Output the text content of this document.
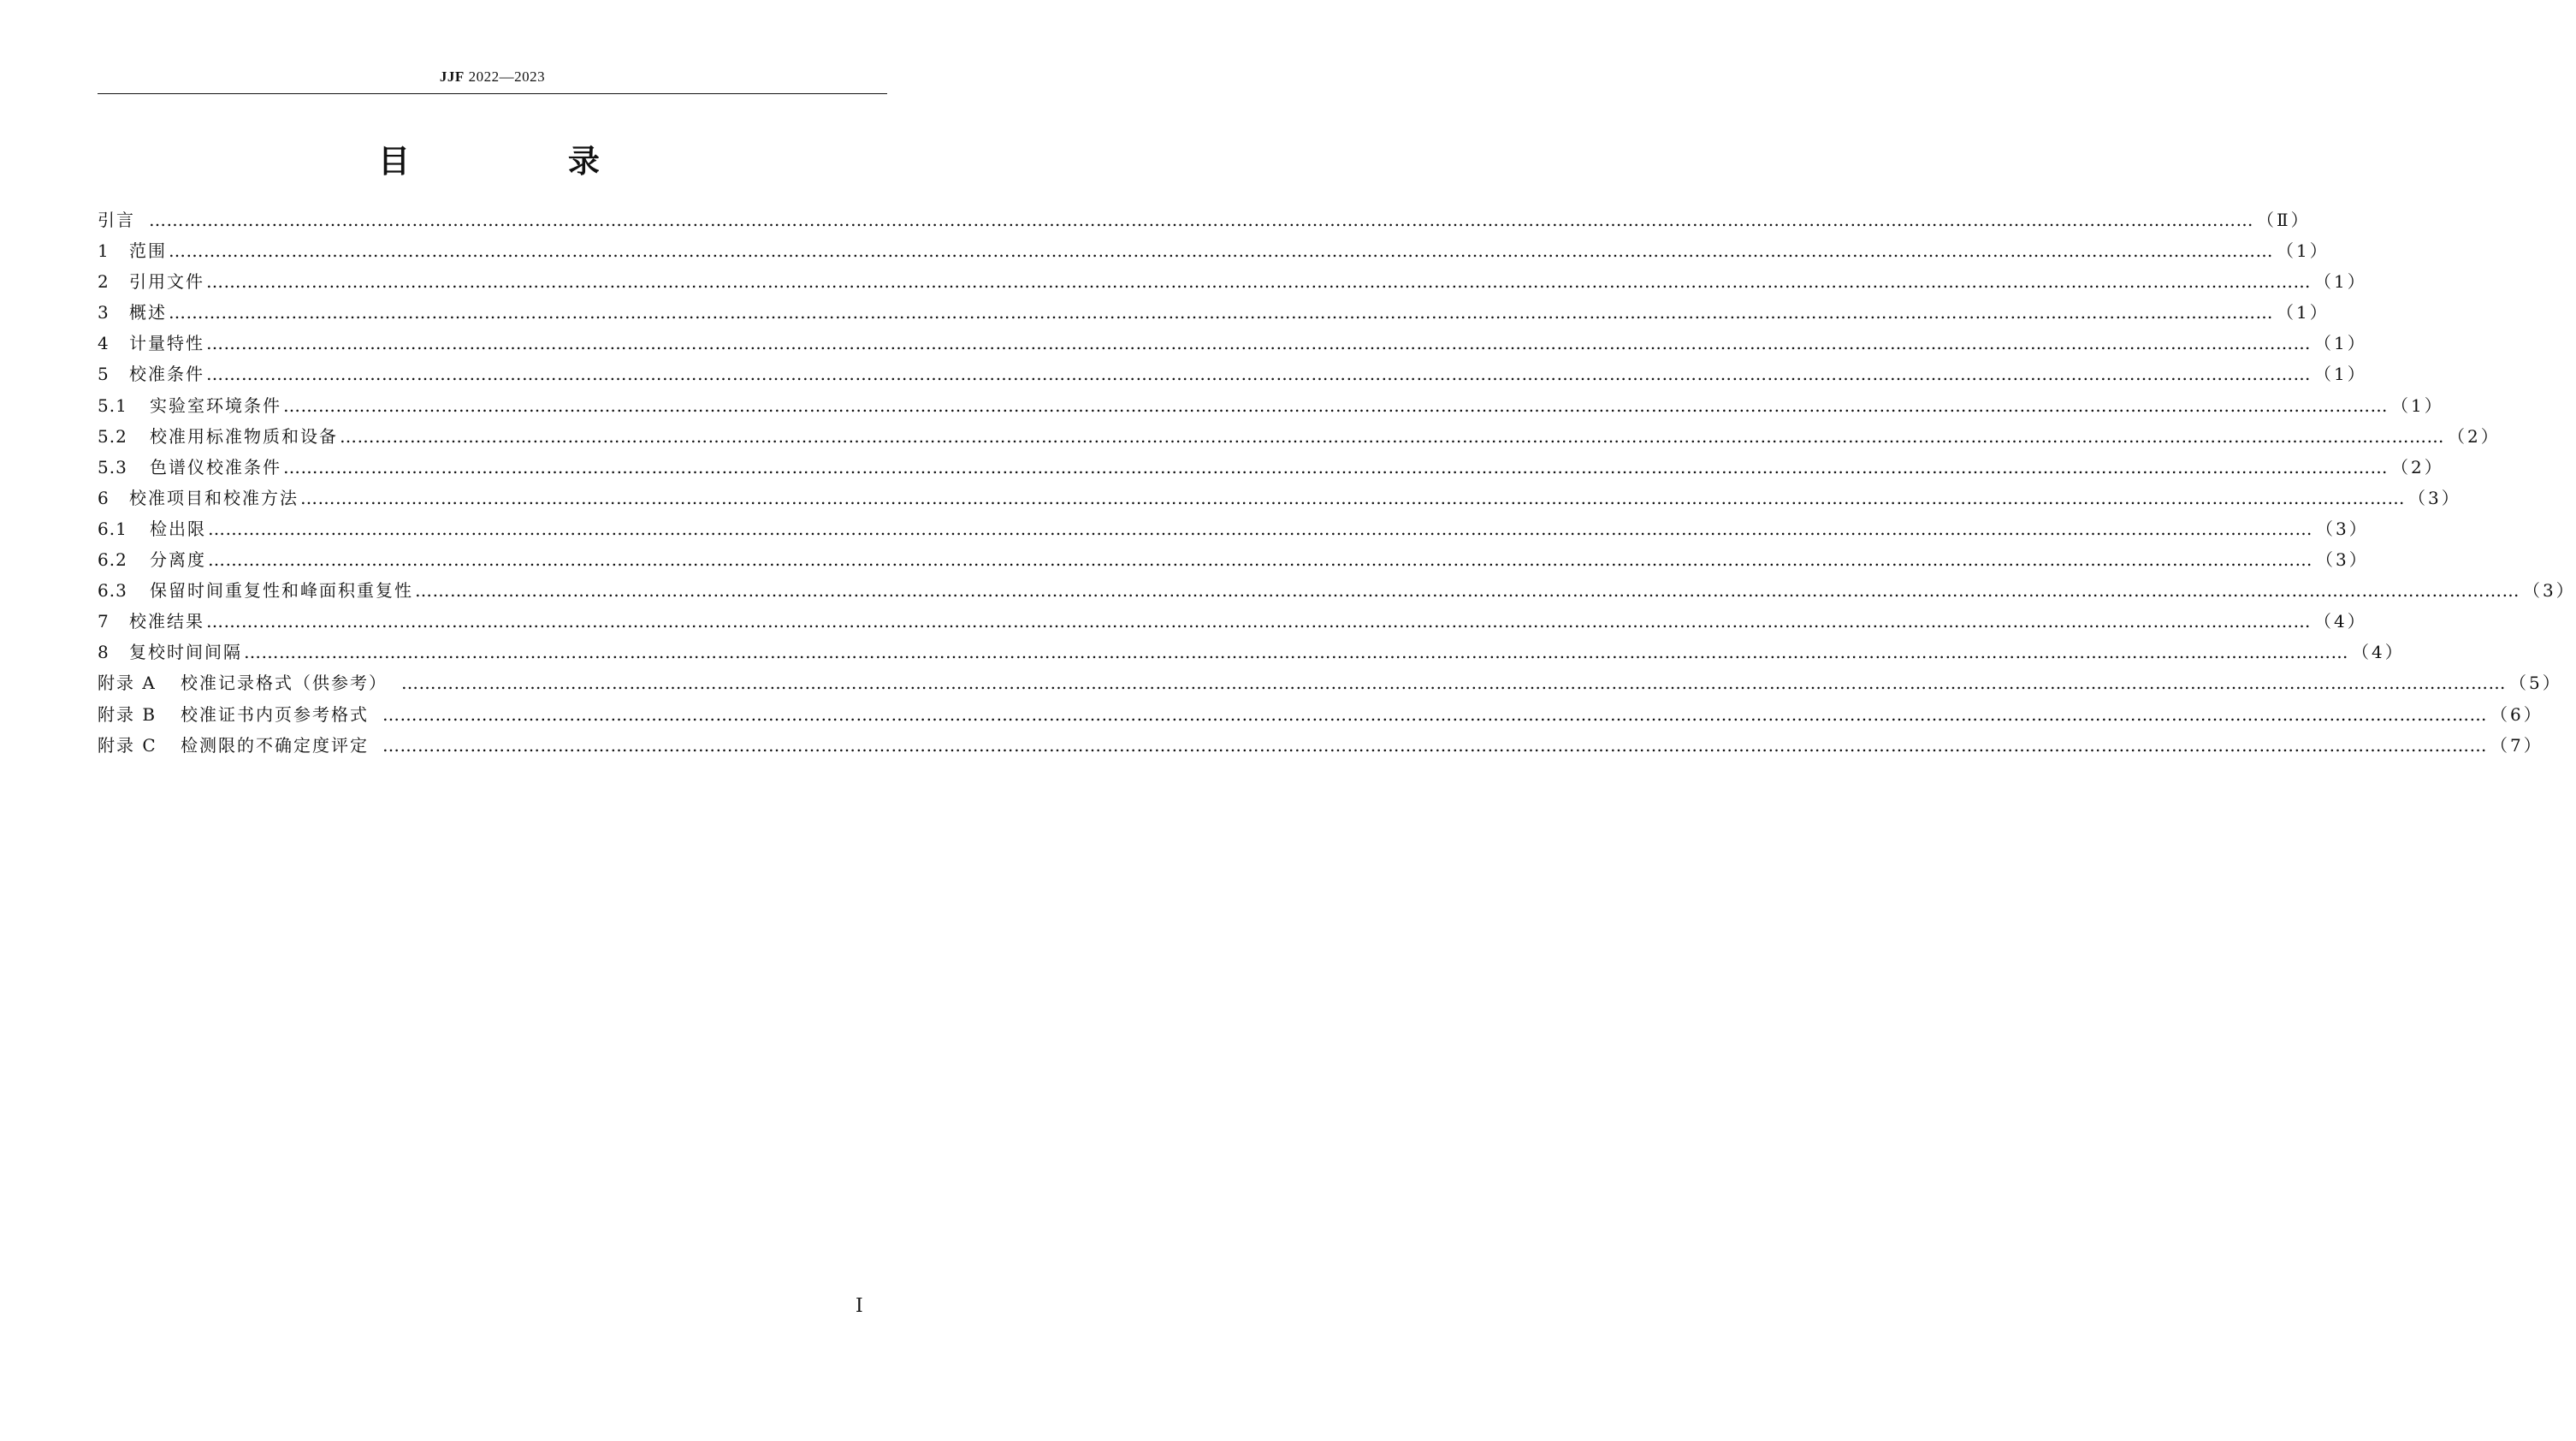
JJF 2022—2023
目 录
引言 ……………………………………………………………………………………………………………………………………………………………………………………………………………………………………………………………………………………………………………………………… （Ⅱ）
1	范围 ……………………………………………………………………………………………………………………………………………………………………………………………………………………………………………………………………………………………………………………………… （1）
2	引用文件 ……………………………………………………………………………………………………………………………………………………………………………………………………………………………………………………………………………………………………………………………… （1）
3	概述 ……………………………………………………………………………………………………………………………………………………………………………………………………………………………………………………………………………………………………………………………… （1）
4	计量特性 ……………………………………………………………………………………………………………………………………………………………………………………………………………………………………………………………………………………………………………………………… （1）
5	校准条件 ……………………………………………………………………………………………………………………………………………………………………………………………………………………………………………………………………………………………………………………………… （1）
5.1	实验室环境条件 ……………………………………………………………………………………………………………………………………………………………………………………………………………………………………………………………………………………………………………………………… （1）
5.2	校准用标准物质和设备 ……………………………………………………………………………………………………………………………………………………………………………………………………………………………………………………………………………………………………………………………… （2）
5.3	色谱仪校准条件 ……………………………………………………………………………………………………………………………………………………………………………………………………………………………………………………………………………………………………………………………… （2）
6	校准项目和校准方法 ……………………………………………………………………………………………………………………………………………………………………………………………………………………………………………………………………………………………………………………………… （3）
6.1	检出限 ……………………………………………………………………………………………………………………………………………………………………………………………………………………………………………………………………………………………………………………………… （3）
6.2	分离度 ……………………………………………………………………………………………………………………………………………………………………………………………………………………………………………………………………………………………………………………………… （3）
6.3	保留时间重复性和峰面积重复性 ……………………………………………………………………………………………………………………………………………………………………………………………………………………………………………………………………………………………………………………………… （3）
7	校准结果 ……………………………………………………………………………………………………………………………………………………………………………………………………………………………………………………………………………………………………………………………… （4）
8	复校时间间隔 ……………………………………………………………………………………………………………………………………………………………………………………………………………………………………………………………………………………………………………………………… （4）
附录 A	校准记录格式（供参考） ……………………………………………………………………………………………………………………………………………………………………………………………………………………………………………………………………………………………………………………………… （5）
附录 B	校准证书内页参考格式 ……………………………………………………………………………………………………………………………………………………………………………………………………………………………………………………………………………………………………………………………… （6）
附录 C	检测限的不确定度评定 ……………………………………………………………………………………………………………………………………………………………………………………………………………………………………………………………………………………………………………………………… （7）
Ⅰ
